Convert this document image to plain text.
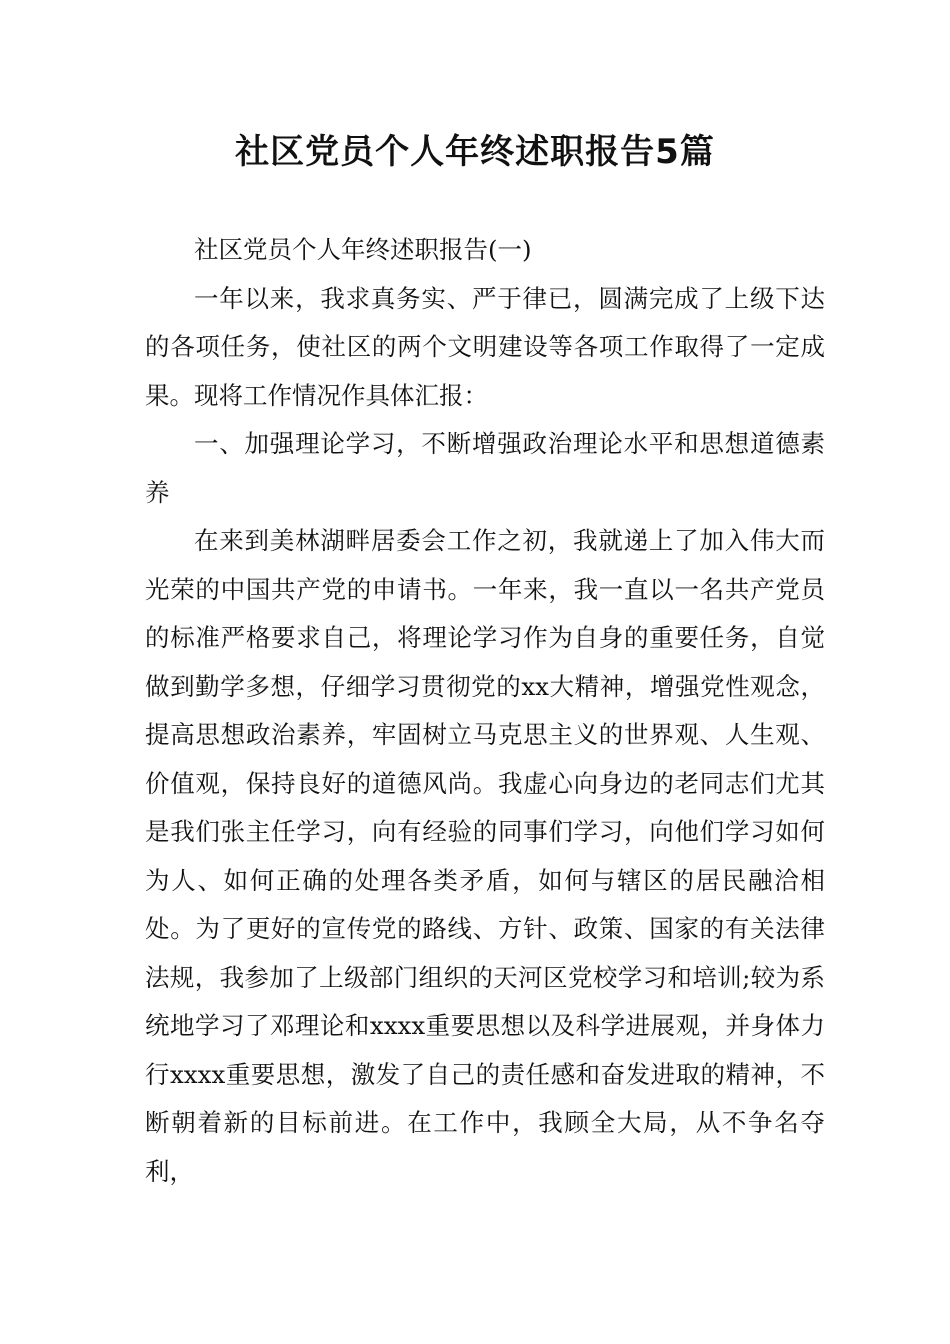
社区党员个人年终述职报告5篇

社区党员个人年终述职报告(一)

一年以来，我求真务实、严于律已，圆满完成了上级下达的各项任务，使社区的两个文明建设等各项工作取得了一定成果。现将工作情况作具体汇报：

一、加强理论学习，不断增强政治理论水平和思想道德素养

在来到美林湖畔居委会工作之初，我就递上了加入伟大而光荣的中国共产党的申请书。一年来，我一直以一名共产党员的标准严格要求自己，将理论学习作为自身的重要任务，自觉做到勤学多想，仔细学习贯彻党的xx大精神，增强党性观念，提高思想政治素养，牢固树立马克思主义的世界观、人生观、价值观，保持良好的道德风尚。我虚心向身边的老同志们尤其是我们张主任学习，向有经验的同事们学习，向他们学习如何为人、如何正确的处理各类矛盾，如何与辖区的居民融洽相处。为了更好的宣传党的路线、方针、政策、国家的有关法律法规，我参加了上级部门组织的天河区党校学习和培训;较为系统地学习了邓理论和xxxx重要思想以及科学进展观，并身体力行xxxx重要思想，激发了自己的责任感和奋发进取的精神，不断朝着新的目标前进。在工作中，我顾全大局，从不争名夺利，
